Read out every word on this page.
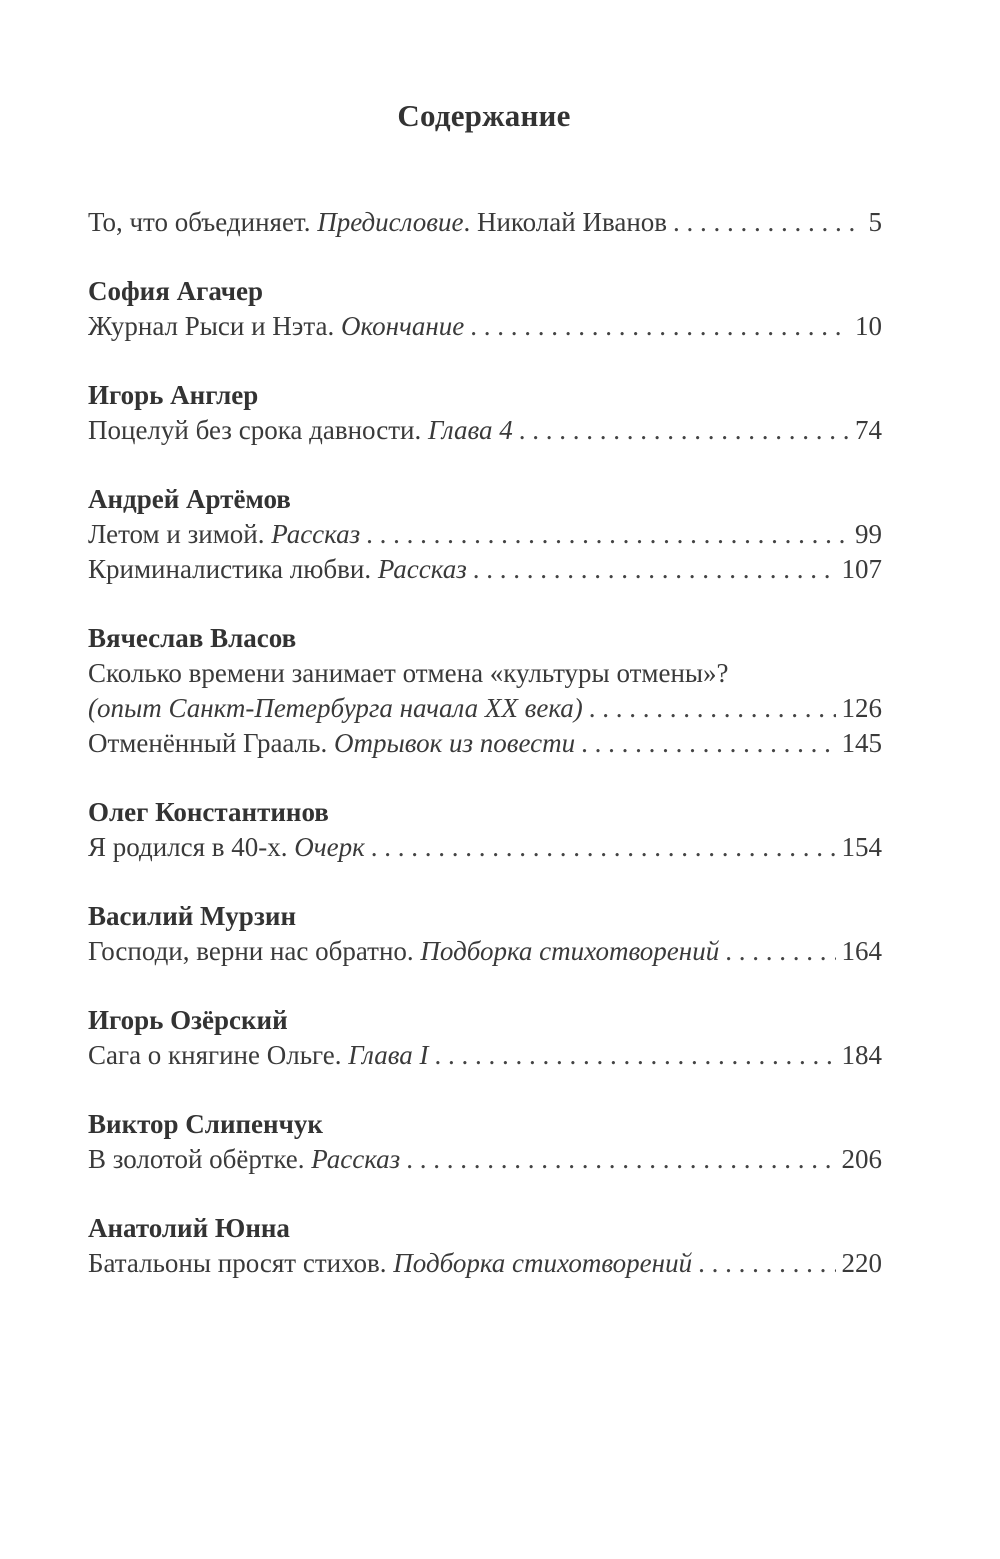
Содержание
То, что объединяет. Предисловие. Николай Иванов . . .	5
София Агачер
Журнал Рыси и Нэта. Окончание . . .	10
Игорь Англер
Поцелуй без срока давности. Глава 4 . . .	74
Андрей Артёмов
Летом и зимой. Рассказ . . .	99
Криминалистика любви. Рассказ . . .	107
Вячеслав Власов
Сколько времени занимает отмена «культуры отмены»?
(опыт Санкт-Петербурга начала XX века) . . .	126
Отменённый Грааль. Отрывок из повести . . .	145
Олег Константинов
Я родился в 40-х. Очерк . . .	154
Василий Мурзин
Господи, верни нас обратно. Подборка стихотворений . . .	164
Игорь Озёрский
Сага о княгине Ольге. Глава I . . .	184
Виктор Слипенчук
В золотой обёртке. Рассказ . . .	206
Анатолий Юнна
Батальоны просят стихов. Подборка стихотворений . . .	220
